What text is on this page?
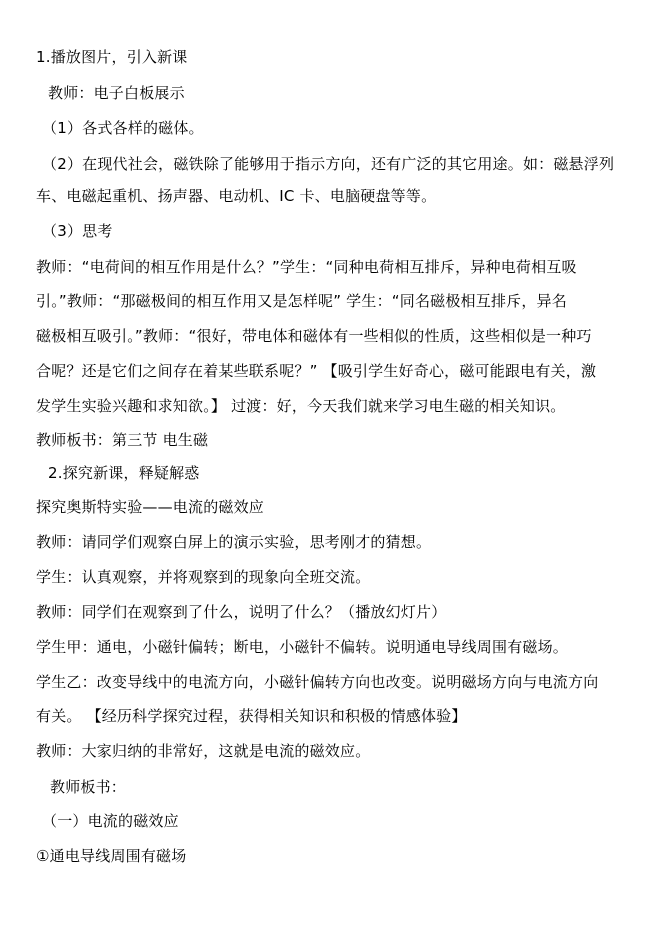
1.播放图片，引入新课
教师：电子白板展示
（1）各式各样的磁体。
（2）在现代社会，磁铁除了能够用于指示方向，还有广泛的其它用途。如：磁悬浮列
车、电磁起重机、扬声器、电动机、IC 卡、电脑硬盘等等。
（3）思考
教师：“电荷间的相互作用是什么？”学生：“同种电荷相互排斥，异种电荷相互吸
引。”教师：“那磁极间的相互作用又是怎样呢” 学生：“同名磁极相互排斥，异名
磁极相互吸引。”教师：“很好，带电体和磁体有一些相似的性质，这些相似是一种巧
合呢？还是它们之间存在着某些联系呢？” 【吸引学生好奇心，磁可能跟电有关，激
发学生实验兴趣和求知欲。】 过渡：好，今天我们就来学习电生磁的相关知识。
教师板书：第三节 电生磁
2.探究新课，释疑解惑
探究奥斯特实验——电流的磁效应
教师：请同学们观察白屏上的演示实验，思考刚才的猜想。
学生：认真观察，并将观察到的现象向全班交流。
教师：同学们在观察到了什么，说明了什么？（播放幻灯片）
学生甲：通电，小磁针偏转；断电，小磁针不偏转。说明通电导线周围有磁场。
学生乙：改变导线中的电流方向，小磁针偏转方向也改变。说明磁场方向与电流方向
有关。 【经历科学探究过程，获得相关知识和积极的情感体验】
教师：大家归纳的非常好，这就是电流的磁效应。
教师板书：
（一）电流的磁效应
①通电导线周围有磁场
